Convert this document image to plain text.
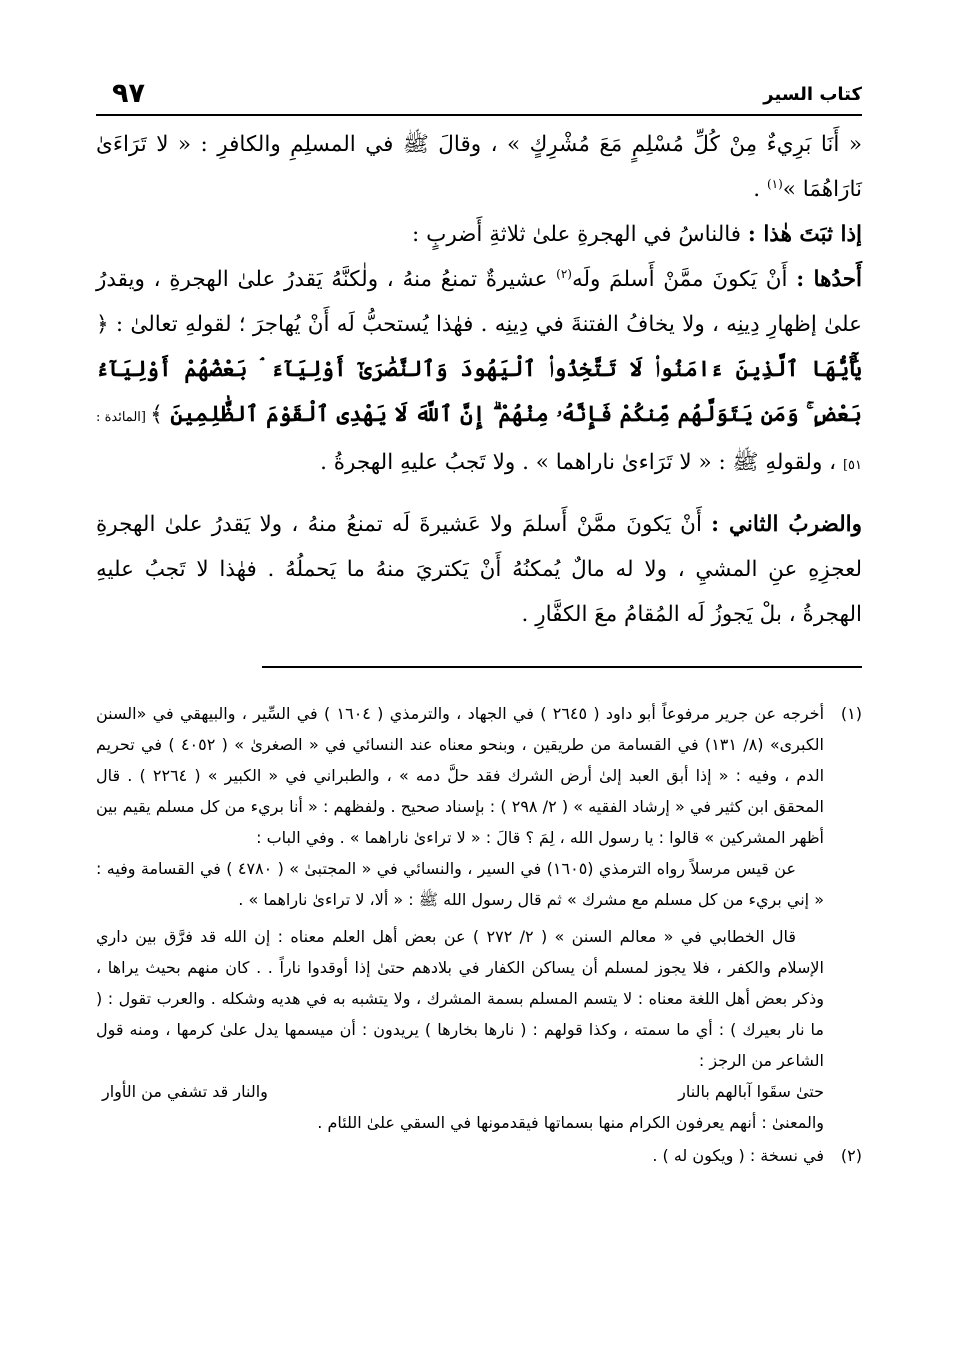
٩٧	كتاب السير

« أَنَا بَرِيءٌ مِنْ كُلِّ مُسْلِمٍ مَعَ مُشْرِكٍ » ، وقالَ ﷺ في المسلِمِ والكافرِ : « لا تَرَاءَىٰ نَارَاهُمَا »$^{(١)}$ .

إذا ثبَتَ هٰذا : فالناسُ في الهجرةِ علىٰ ثلاثةِ أَضربٍ :

أَحدُها : أَنْ يَكونَ ممَّنْ أَسلمَ ولَه$^{(٢)}$ عشيرةٌ تمنعُ منهُ ، ولٰكنَّهُ يَقدرُ علىٰ الهجرةِ ، ويقدرُ علىٰ إظهارِ دِينِه ، ولا يخافُ الفتنةَ في دِينِه . فهٰذا يُستحبُّ لَه أَنْ يُهاجرَ ؛ لقولهِ تعالىٰ : ﴿ يَٰٓأَيُّهَا ٱلَّذِينَ ءَامَنُوا۟ لَا تَتَّخِذُوا۟ ٱلْيَهُودَ وَٱلنَّصَٰرَىٰٓ أَوْلِيَآءَ ۘ بَعْضُهُمْ أَوْلِيَآءُ بَعْضٍ ۚ وَمَن يَتَوَلَّهُم مِّنكُمْ فَإِنَّهُۥ مِنْهُمْ ۗ إِنَّ ٱللَّهَ لَا يَهْدِى ٱلْقَوْمَ ٱلظَّٰلِمِينَ ﴾ [المائدة : ٥١] ، ولقولهِ ﷺ : « لا تَرَاءىٰ ناراهما » . ولا تَجبُ عليهِ الهجرةُ .

والضربُ الثاني : أَنْ يَكونَ ممَّنْ أَسلمَ ولا عَشيرةَ لَه تمنعُ منهُ ، ولا يَقدرُ علىٰ الهجرةِ لعجزِهِ عنِ المشيِ ، ولا له مالٌ يُمكنُهُ أَنْ يَكتريَ منهُ ما يَحملُهُ . فهٰذا لا تَجبُ عليهِ الهجرةُ ، بلْ يَجوزُ لَه المُقامُ معَ الكفَّارِ .

(١)

أخرجه عن جرير مرفوعاً أبو داود ( ٢٦٤٥ ) في الجهاد ، والترمذي ( ١٦٠٤ ) في السِّير ، والبيهقي في «السنن الكبرى» (٨/ ١٣١) في القسامة من طريقين ، وبنحو معناه عند النسائي في « الصغرىٰ » ( ٤٠٥٢ ) في تحريم الدم ، وفيه : « إذا أبق العبد إلىٰ أرض الشرك فقد حلَّ دمه » ، والطبراني في « الكبير » ( ٢٢٦٤ ) . قال المحقق ابن كثير في « إرشاد الفقيه » ( ٢/ ٢٩٨ ) : بإسناد صحيح . ولفظهم : « أنا بريء من كل مسلم يقيم بين أظهر المشركين » قالوا : يا رسول الله ، لِمَ ؟ قالَ : « لا تراءىٰ ناراهما » . وفي الباب :

عن قيس مرسلاً رواه الترمذي (١٦٠٥) في السير ، والنسائي في « المجتبىٰ » ( ٤٧٨٠ ) في القسامة وفيه : « إني بريء من كل مسلم مع مشرك » ثم قال رسول الله ﷺ : « ألا، لا تراءىٰ ناراهما » .

قال الخطابي في « معالم السنن » ( ٢/ ٢٧٢ ) عن بعض أهل العلم معناه : إن الله قد فرَّق بين داري الإسلام والكفر ، فلا يجوز لمسلم أن يساكن الكفار في بلادهم حتىٰ إذا أوقدوا ناراً . . كان منهم بحيث يراها ، وذكر بعض أهل اللغة معناه : لا يتسم المسلم بسمة المشرك ، ولا يتشبه به في هديه وشكله . والعرب تقول : ( ما نار بعيرك ) : أي ما سمته ، وكذا قولهم : ( نارها بخارها ) يريدون : أن ميسمها يدل علىٰ كرمها ، ومنه قول الشاعر من الرجز :

حتىٰ سقَوا آبالهم بالنار
والنار قد تشفي من الأوار

والمعنىٰ : أنهم يعرفون الكرام منها بسماتها فيقدمونها في السقي علىٰ اللئام .

(٢)

في نسخة : ( ويكون له ) .
